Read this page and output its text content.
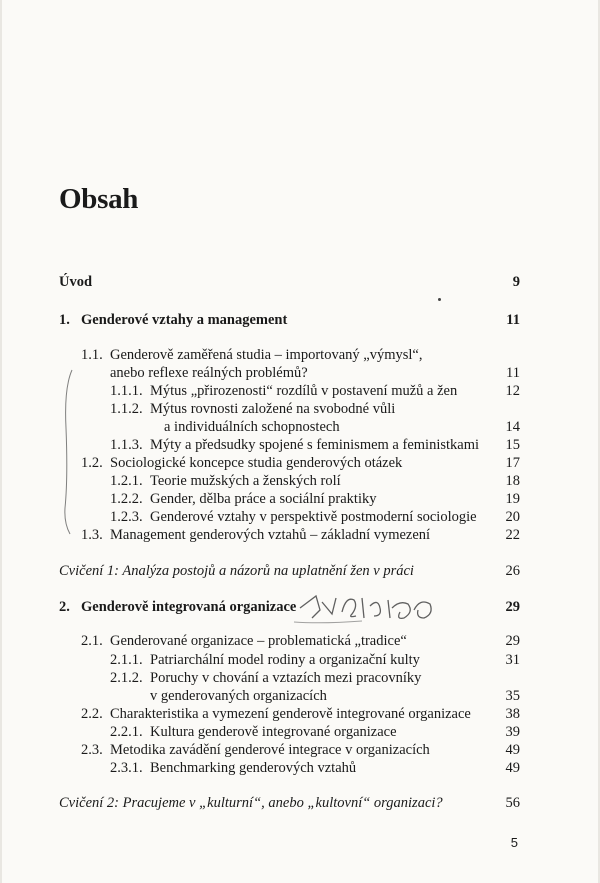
Obsah
Úvod	9
1. Genderové vztahy a management	11
1.1. Genderově zaměřená studia – importovaný „výmysl“,
anebo reflexe reálných problémů?	11
1.1.1. Mýtus „přirozenosti“ rozdílů v postavení mužů a žen	12
1.1.2. Mýtus rovnosti založené na svobodné vůli
a individuálních schopnostech	14
1.1.3. Mýty a předsudky spojené s feminismem a feministkami 15
1.2. Sociologické koncepce studia genderových otázek	17
1.2.1. Teorie mužských a ženských rolí	18
1.2.2. Gender, dělba práce a sociální praktiky	19
1.2.3. Genderové vztahy v perspektivě postmoderní sociologie 20
1.3. Management genderových vztahů – základní vymezení	22
Cvičení 1: Analýza postojů a názorů na uplatnění žen v práci	26
2. Genderově integrovaná organizace	29
2.1. Genderované organizace – problematická „tradice“	29
2.1.1. Patriarchální model rodiny a organizační kulty	31
2.1.2. Poruchy v chování a vztazích mezi pracovníky
v genderovaných organizacích	35
2.2. Charakteristika a vymezení genderově integrované organizace 38
2.2.1. Kultura genderově integrované organizace	39
2.3. Metodika zavádění genderové integrace v organizacích	49
2.3.1. Benchmarking genderových vztahů	49
Cvičení 2: Pracujeme v „kulturní“, anebo „kultovní“ organizaci?	56
5
